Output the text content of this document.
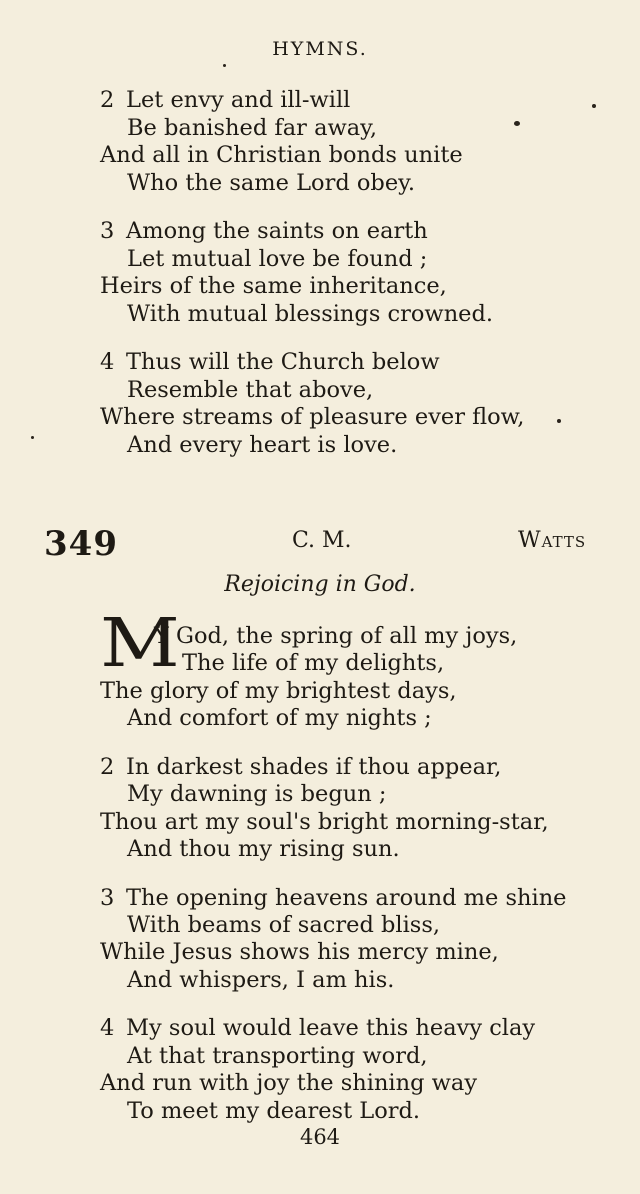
HYMNS.
2 Let envy and ill-will
Be banished far away,
And all in Christian bonds unite
Who the same Lord obey.
3 Among the saints on earth
Let mutual love be found ;
Heirs of the same inheritance,
With mutual blessings crowned.
4 Thus will the Church below
Resemble that above,
Where streams of pleasure ever flow,
And every heart is love.
349	C. M.	Watts
Rejoicing in God.
M
Y God, the spring of all my joys,
The life of my delights,
The glory of my brightest days,
And comfort of my nights ;
2 In darkest shades if thou appear,
My dawning is begun ;
Thou art my soul's bright morning-star,
And thou my rising sun.
3 The opening heavens around me shine
With beams of sacred bliss,
While Jesus shows his mercy mine,
And whispers, I am his.
4 My soul would leave this heavy clay
At that transporting word,
And run with joy the shining way
To meet my dearest Lord.
464
